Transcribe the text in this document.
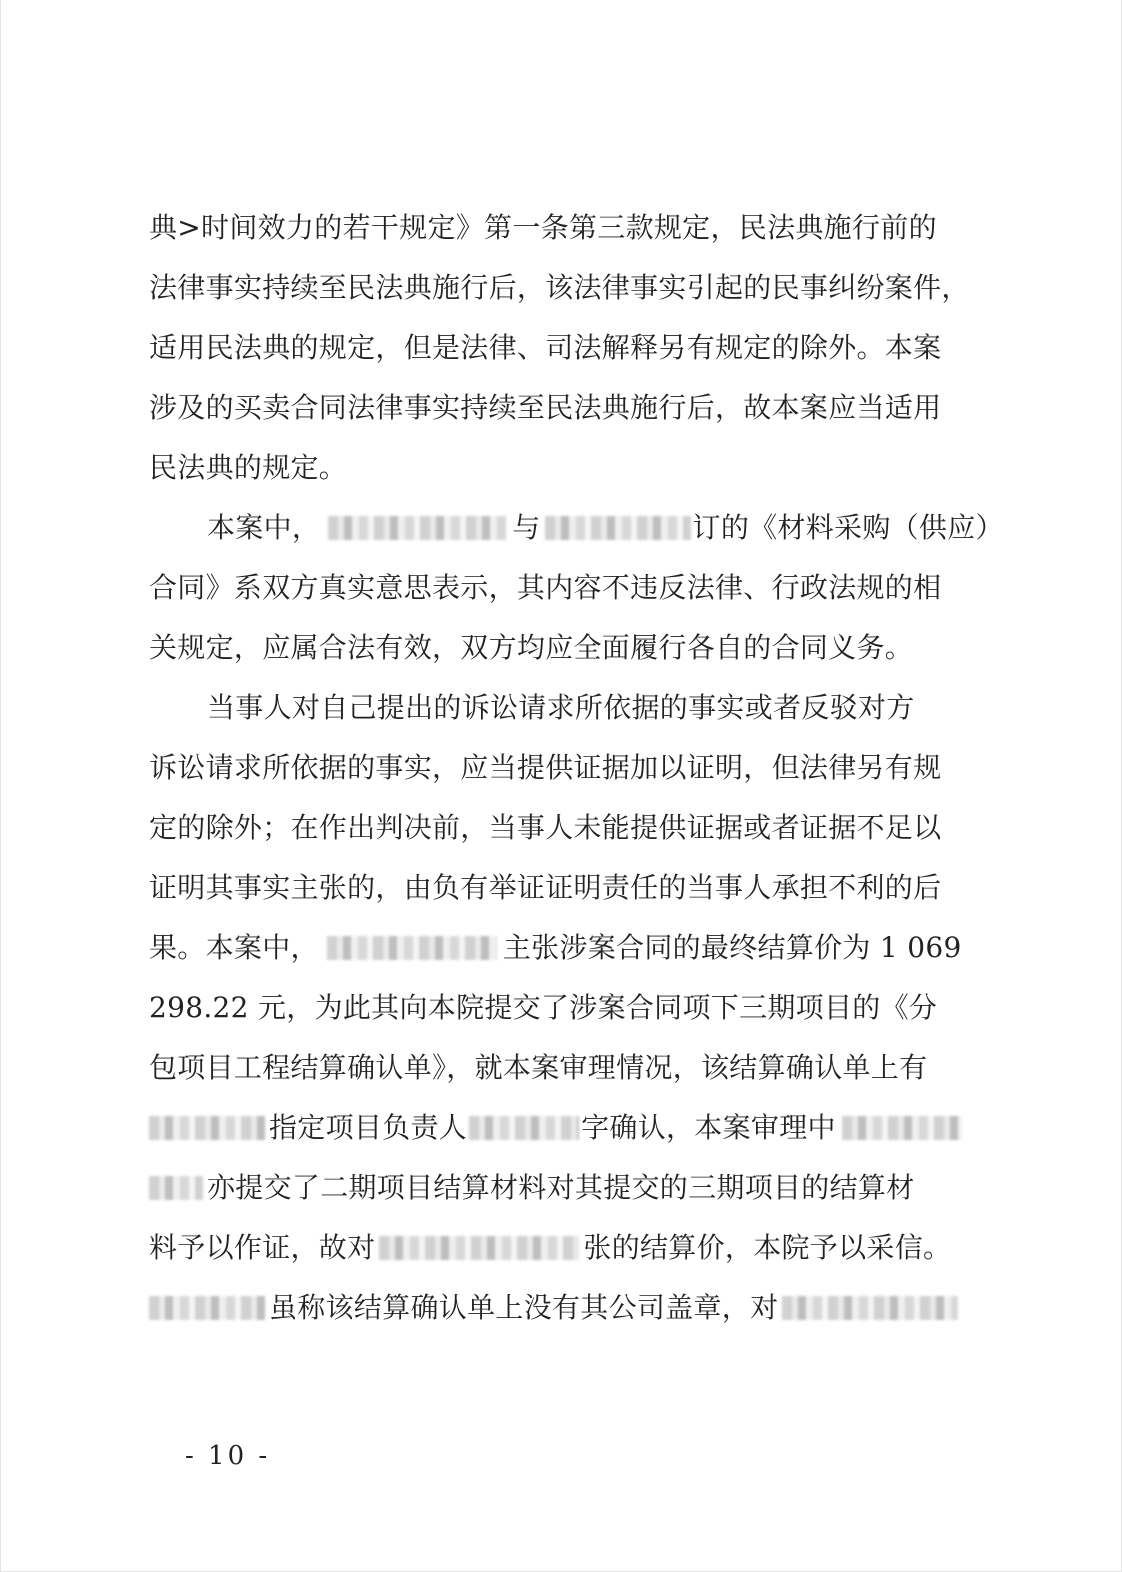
典>时间效力的若干规定》第一条第三款规定，民法典施行前的
法律事实持续至民法典施行后，该法律事实引起的民事纠纷案件，
适用民法典的规定，但是法律、司法解释另有规定的除外。本案
涉及的买卖合同法律事实持续至民法典施行后，故本案应当适用
民法典的规定。
本案中，	与	订的《材料采购（供应）
合同》系双方真实意思表示，其内容不违反法律、行政法规的相
关规定，应属合法有效，双方均应全面履行各自的合同义务。
当事人对自己提出的诉讼请求所依据的事实或者反驳对方
诉讼请求所依据的事实，应当提供证据加以证明，但法律另有规
定的除外；在作出判决前，当事人未能提供证据或者证据不足以
证明其事实主张的，由负有举证证明责任的当事人承担不利的后
果。本案中，	主张涉案合同的最终结算价为 1 069
298.22 元，为此其向本院提交了涉案合同项下三期项目的《分
包项目工程结算确认单》，就本案审理情况，该结算确认单上有
指定项目负责人	字确认，本案审理中
亦提交了二期项目结算材料对其提交的三期项目的结算材
料予以作证，故对	张的结算价，本院予以采信。
虽称该结算确认单上没有其公司盖章，对
- 10 -
